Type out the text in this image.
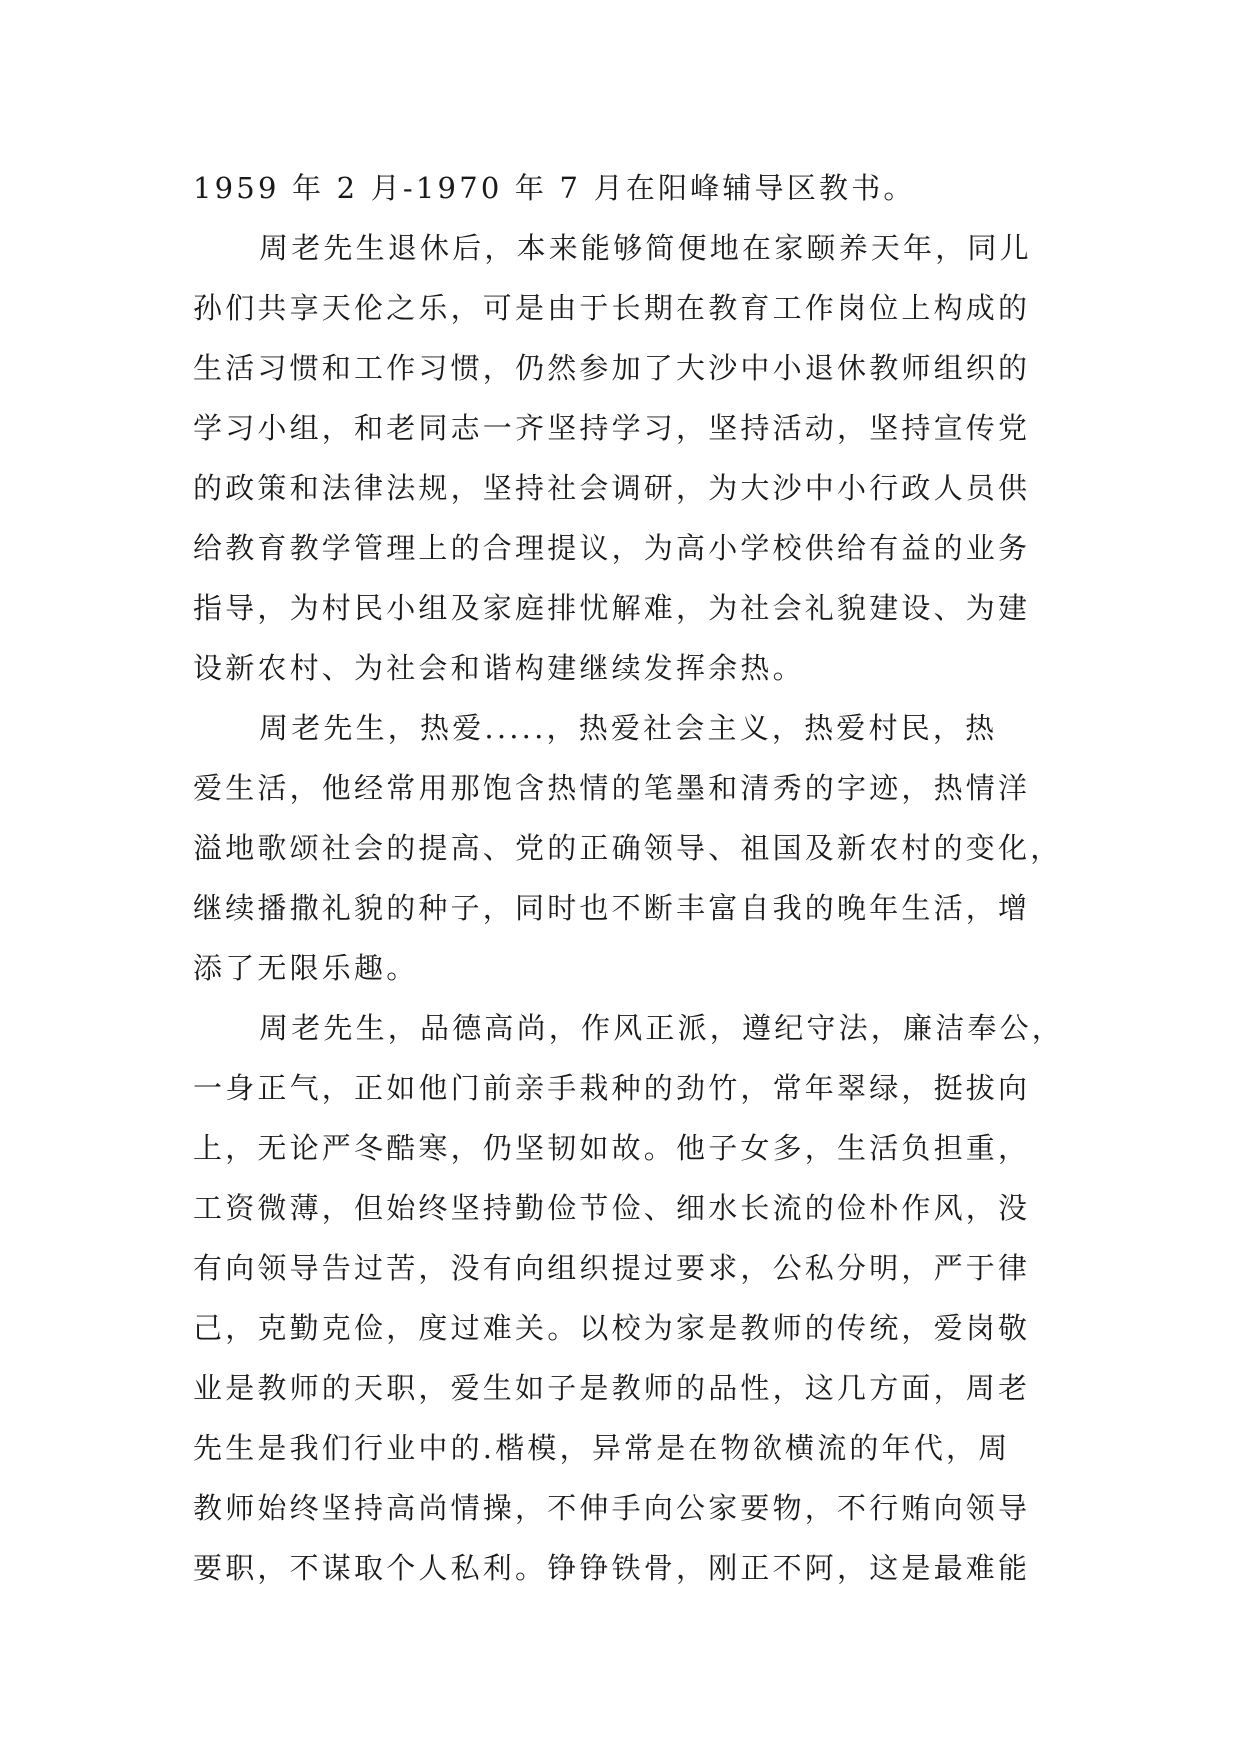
1959 年 2 月-1970 年 7 月在阳峰辅导区教书。
周老先生退休后，本来能够简便地在家颐养天年，同儿
孙们共享天伦之乐，可是由于长期在教育工作岗位上构成的
生活习惯和工作习惯，仍然参加了大沙中小退休教师组织的
学习小组，和老同志一齐坚持学习，坚持活动，坚持宣传党
的政策和法律法规，坚持社会调研，为大沙中小行政人员供
给教育教学管理上的合理提议，为高小学校供给有益的业务
指导，为村民小组及家庭排忧解难，为社会礼貌建设、为建
设新农村、为社会和谐构建继续发挥余热。
周老先生，热爱.....，热爱社会主义，热爱村民，热
爱生活，他经常用那饱含热情的笔墨和清秀的字迹，热情洋
溢地歌颂社会的提高、党的正确领导、祖国及新农村的变化，
继续播撒礼貌的种子，同时也不断丰富自我的晚年生活，增
添了无限乐趣。
周老先生，品德高尚，作风正派，遵纪守法，廉洁奉公，
一身正气，正如他门前亲手栽种的劲竹，常年翠绿，挺拔向
上，无论严冬酷寒，仍坚韧如故。他子女多，生活负担重，
工资微薄，但始终坚持勤俭节俭、细水长流的俭朴作风，没
有向领导告过苦，没有向组织提过要求，公私分明，严于律
己，克勤克俭，度过难关。以校为家是教师的传统，爱岗敬
业是教师的天职，爱生如子是教师的品性，这几方面，周老
先生是我们行业中的.楷模，异常是在物欲横流的年代，周
教师始终坚持高尚情操，不伸手向公家要物，不行贿向领导
要职，不谋取个人私利。铮铮铁骨，刚正不阿，这是最难能
